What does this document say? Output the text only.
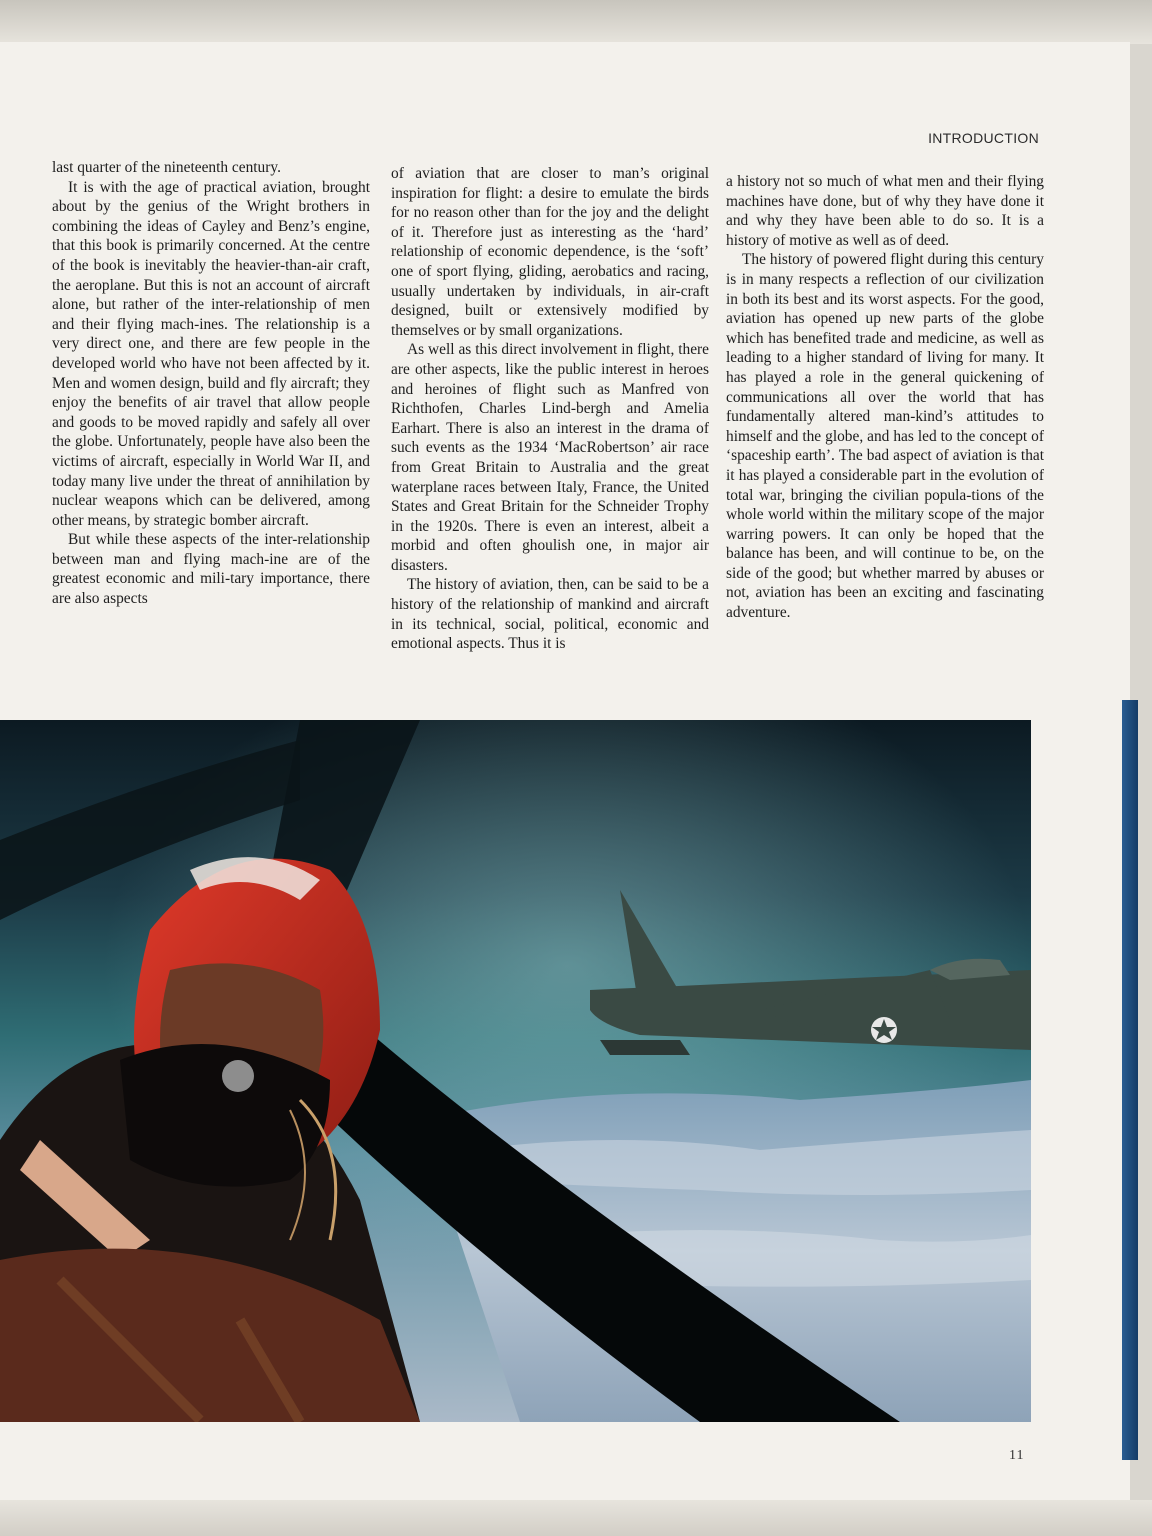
INTRODUCTION

last quarter of the nineteenth century.

It is with the age of practical aviation, brought about by the genius of the Wright brothers in combining the ideas of Cayley and Benz’s engine, that this book is primarily concerned. At the centre of the book is inevitably the heavier-than-air craft, the aeroplane. But this is not an account of aircraft alone, but rather of the inter-relationship of men and their flying mach-ines. The relationship is a very direct one, and there are few people in the developed world who have not been affected by it. Men and women design, build and fly aircraft; they enjoy the benefits of air travel that allow people and goods to be moved rapidly and safely all over the globe. Unfortunately, people have also been the victims of aircraft, especially in World War II, and today many live under the threat of annihilation by nuclear weapons which can be delivered, among other means, by strategic bomber aircraft.

But while these aspects of the inter-relationship between man and flying mach-ine are of the greatest economic and mili-tary importance, there are also aspects

of aviation that are closer to man’s original inspiration for flight: a desire to emulate the birds for no reason other than for the joy and the delight of it. Therefore just as interesting as the ‘hard’ relationship of economic dependence, is the ‘soft’ one of sport flying, gliding, aerobatics and racing, usually undertaken by individuals, in air-craft designed, built or extensively modified by themselves or by small organizations.

As well as this direct involvement in flight, there are other aspects, like the public interest in heroes and heroines of flight such as Manfred von Richthofen, Charles Lind-bergh and Amelia Earhart. There is also an interest in the drama of such events as the 1934 ‘MacRobertson’ air race from Great Britain to Australia and the great waterplane races between Italy, France, the United States and Great Britain for the Schneider Trophy in the 1920s. There is even an interest, albeit a morbid and often ghoulish one, in major air disasters.

The history of aviation, then, can be said to be a history of the relationship of mankind and aircraft in its technical, social, political, economic and emotional aspects. Thus it is

a history not so much of what men and their flying machines have done, but of why they have done it and why they have been able to do so. It is a history of motive as well as of deed.

The history of powered flight during this century is in many respects a reflection of our civilization in both its best and its worst aspects. For the good, aviation has opened up new parts of the globe which has benefited trade and medicine, as well as leading to a higher standard of living for many. It has played a role in the general quickening of communications all over the world that has fundamentally altered man-kind’s attitudes to himself and the globe, and has led to the concept of ‘spaceship earth’. The bad aspect of aviation is that it has played a considerable part in the evolution of total war, bringing the civilian popula-tions of the whole world within the military scope of the major warring powers. It can only be hoped that the balance has been, and will continue to be, on the side of the good; but whether marred by abuses or not, aviation has been an exciting and fascinating adventure.

11
